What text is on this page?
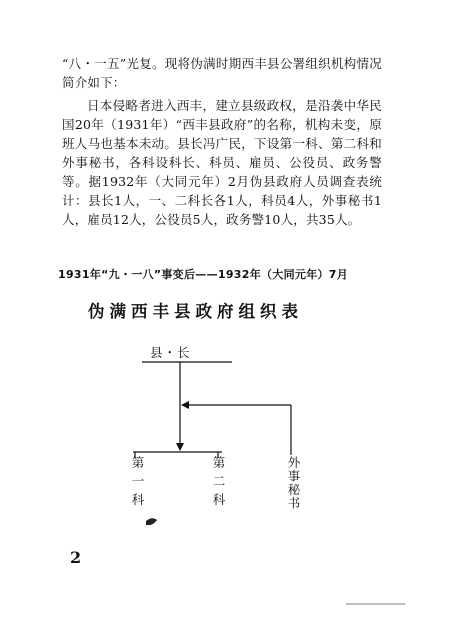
“八・一五”光复。现将伪满时期西丰县公署组织机构情况简介如下：

日本侵略者进入西丰，建立县级政权，是沿袭中华民国20年（1931年）“西丰县政府”的名称，机构未变，原班人马也基本未动。县长冯广民，下设第一科、第二科和外事秘书，各科设科长、科员、雇员、公役员、政务警等。据1932年（大同元年）2月伪县政府人员调查表统计：县长1人，一、二科长各1人，科员4人，外事秘书1人，雇员12人，公役员5人，政务警10人，共35人。

1931年“九・一八”事变后——1932年（大同元年）7月
伪满西丰县政府组织表
县・长
第一科	第二科	外事秘书
2
